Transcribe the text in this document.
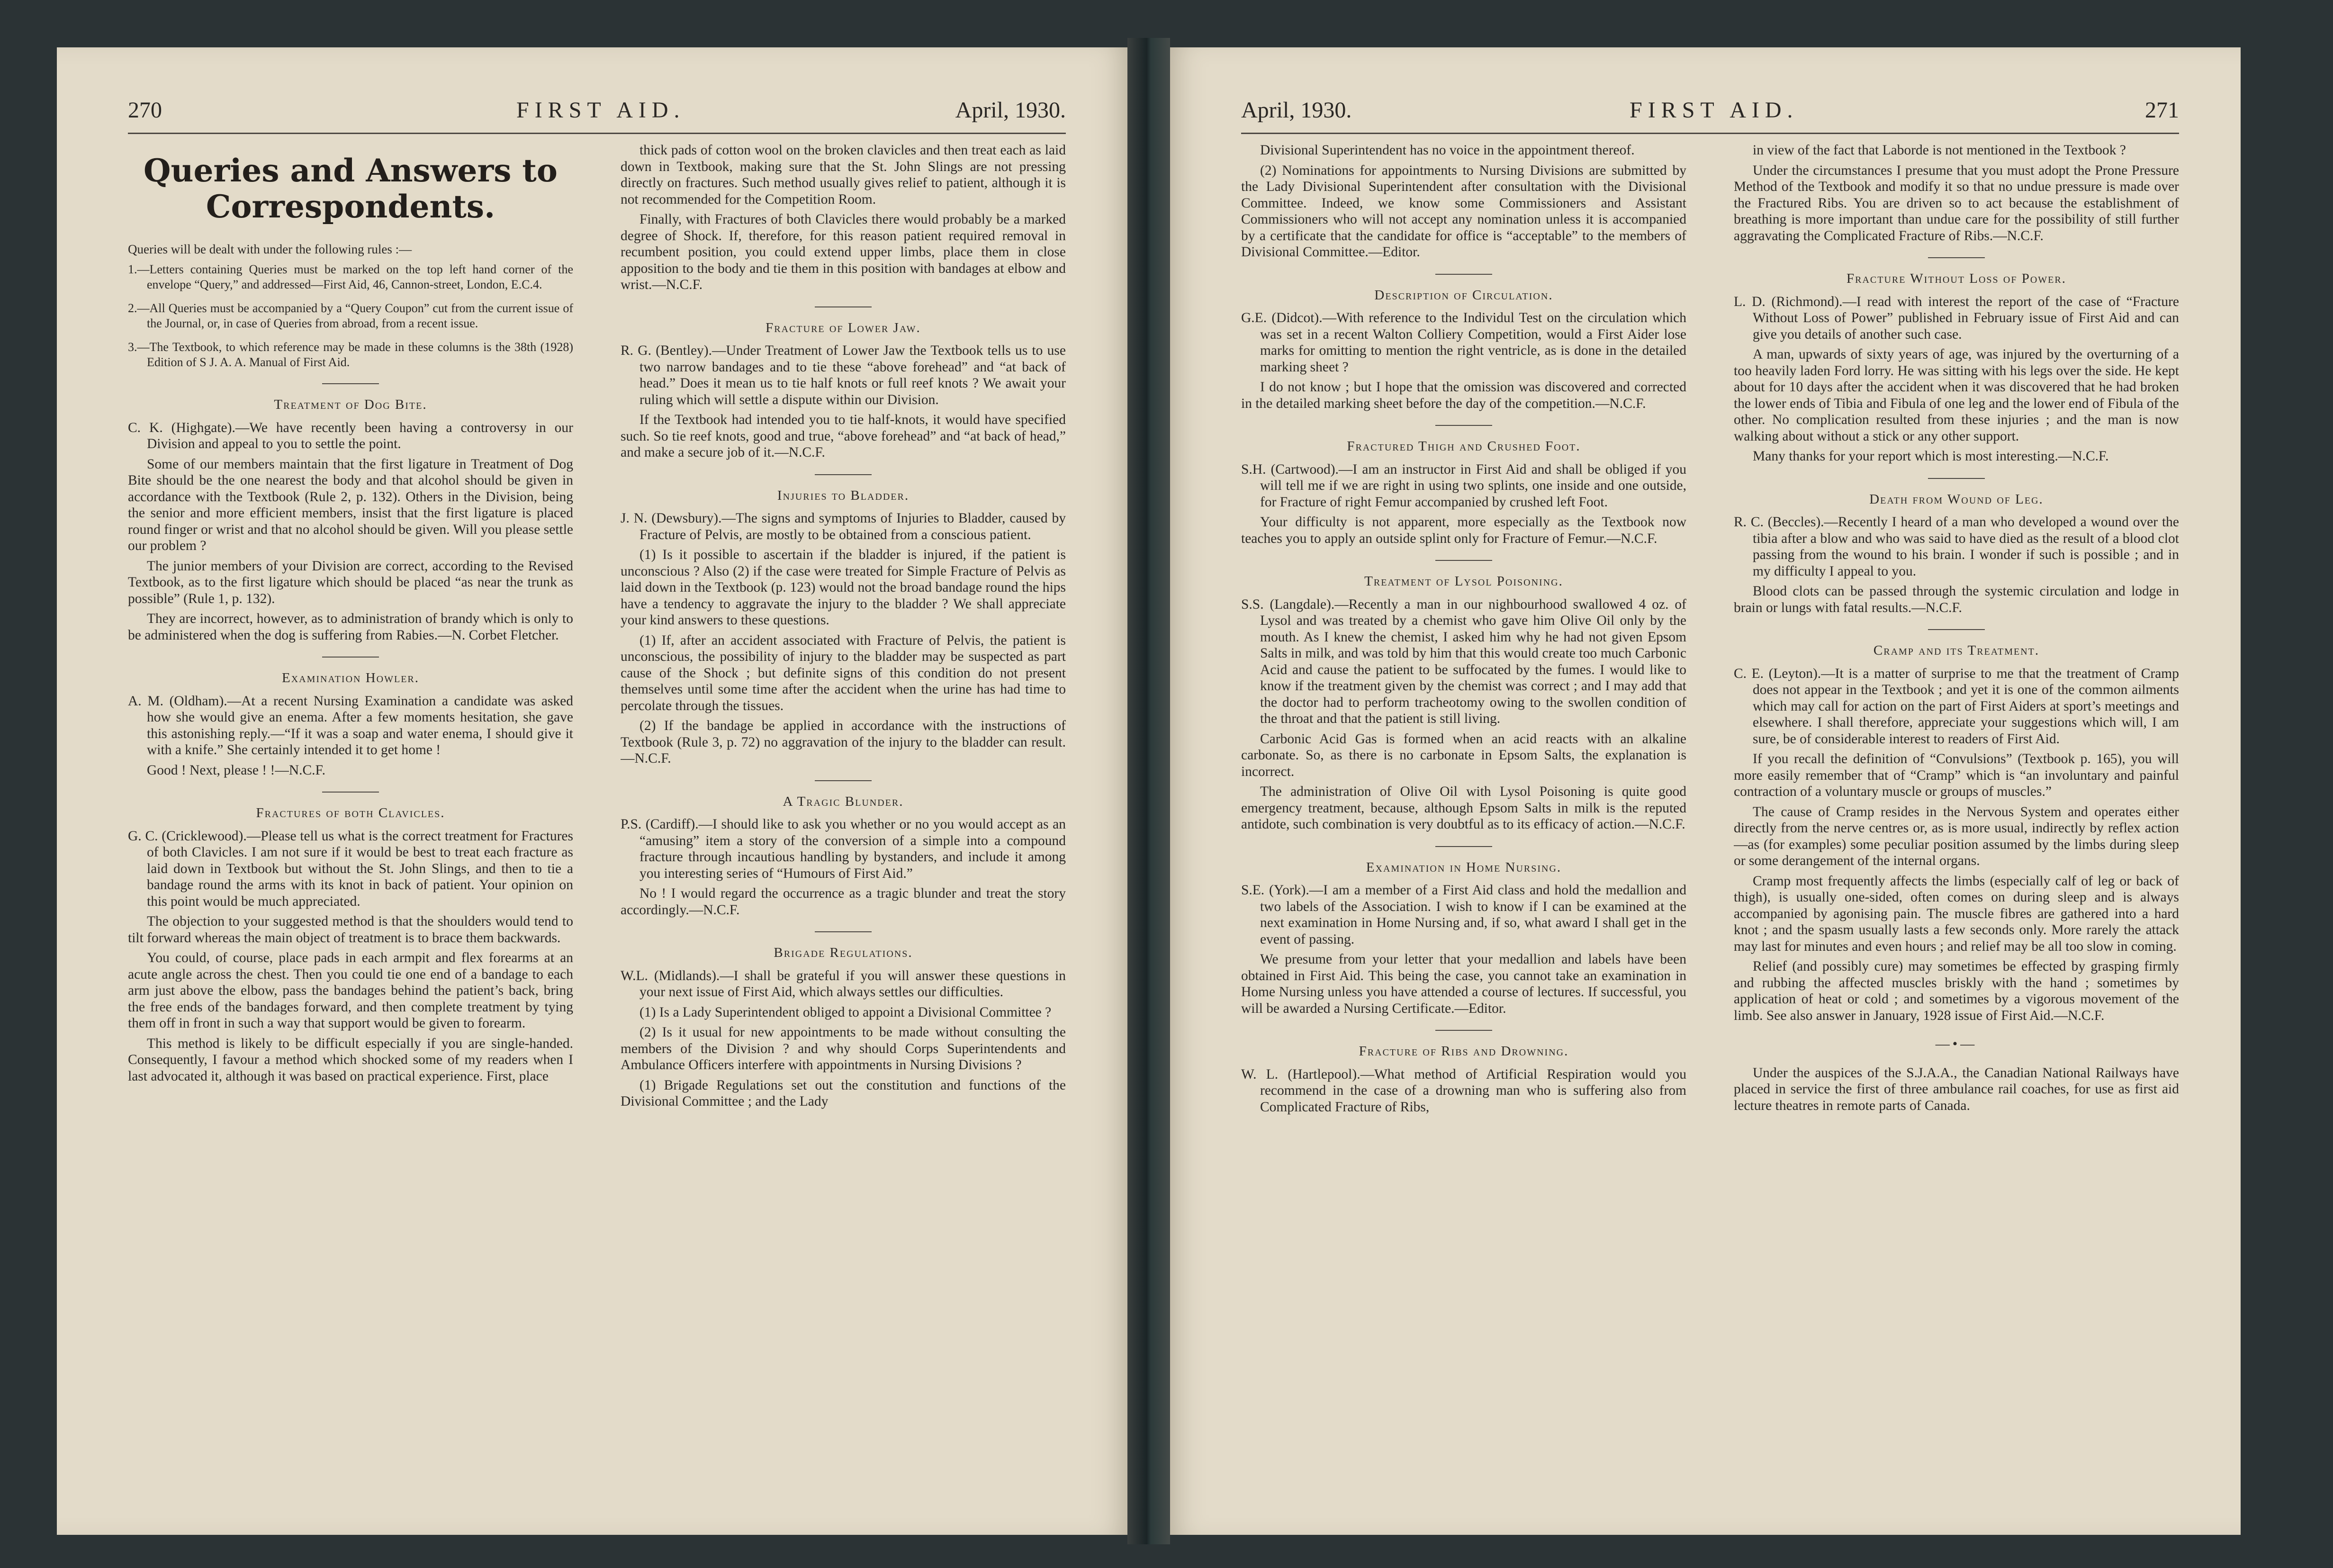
270	FIRST AID.	April, 1930.
Queries and Answers to Correspondents.
Queries will be dealt with under the following rules :—
1.—Letters containing Queries must be marked on the top left hand corner of the envelope “Query,” and addressed—First Aid, 46, Cannon-street, London, E.C.4.
2.—All Queries must be accompanied by a “Query Coupon” cut from the current issue of the Journal, or, in case of Queries from abroad, from a recent issue.
3.—The Textbook, to which reference may be made in these columns is the 38th (1928) Edition of S J. A. A. Manual of First Aid.
Treatment of Dog Bite.

C. K. (Highgate).—We have recently been having a controversy in our Division and appeal to you to settle the point.

Some of our members maintain that the first ligature in Treatment of Dog Bite should be the one nearest the body and that alcohol should be given in accordance with the Textbook (Rule 2, p. 132). Others in the Division, being the senior and more efficient members, insist that the first ligature is placed round finger or wrist and that no alcohol should be given. Will you please settle our problem ?

The junior members of your Division are correct, according to the Revised Textbook, as to the first ligature which should be placed “as near the trunk as possible” (Rule 1, p. 132).

They are incorrect, however, as to administration of brandy which is only to be administered when the dog is suffering from Rabies.—N. Corbet Fletcher.

Examination Howler.

A. M. (Oldham).—At a recent Nursing Examination a candidate was asked how she would give an enema. After a few moments hesitation, she gave this astonishing reply.—“If it was a soap and water enema, I should give it with a knife.” She certainly intended it to get home !

Good ! Next, please ! !—N.C.F.

Fractures of both Clavicles.

G. C. (Cricklewood).—Please tell us what is the correct treatment for Fractures of both Clavicles. I am not sure if it would be best to treat each fracture as laid down in Textbook but without the St. John Slings, and then to tie a bandage round the arms with its knot in back of patient. Your opinion on this point would be much appreciated.

The objection to your suggested method is that the shoulders would tend to tilt forward whereas the main object of treatment is to brace them backwards.

You could, of course, place pads in each armpit and flex forearms at an acute angle across the chest. Then you could tie one end of a bandage to each arm just above the elbow, pass the bandages behind the patient’s back, bring the free ends of the bandages forward, and then complete treatment by tying them off in front in such a way that support would be given to forearm.

This method is likely to be difficult especially if you are single-handed. Consequently, I favour a method which shocked some of my readers when I last advocated it, although it was based on practical experience. First, place

thick pads of cotton wool on the broken clavicles and then treat each as laid down in Textbook, making sure that the St. John Slings are not pressing directly on fractures. Such method usually gives relief to patient, although it is not recommended for the Competition Room.

Finally, with Fractures of both Clavicles there would probably be a marked degree of Shock. If, therefore, for this reason patient required removal in recumbent position, you could extend upper limbs, place them in close apposition to the body and tie them in this position with bandages at elbow and wrist.—N.C.F.

Fracture of Lower Jaw.

R. G. (Bentley).—Under Treatment of Lower Jaw the Textbook tells us to use two narrow bandages and to tie these “above forehead” and “at back of head.” Does it mean us to tie half knots or full reef knots ? We await your ruling which will settle a dispute within our Division.

If the Textbook had intended you to tie half-knots, it would have specified such. So tie reef knots, good and true, “above forehead” and “at back of head,” and make a secure job of it.—N.C.F.

Injuries to Bladder.

J. N. (Dewsbury).—The signs and symptoms of Injuries to Bladder, caused by Fracture of Pelvis, are mostly to be obtained from a conscious patient.

(1) Is it possible to ascertain if the bladder is injured, if the patient is unconscious ? Also (2) if the case were treated for Simple Fracture of Pelvis as laid down in the Textbook (p. 123) would not the broad bandage round the hips have a tendency to aggravate the injury to the bladder ? We shall appreciate your kind answers to these questions.

(1) If, after an accident associated with Fracture of Pelvis, the patient is unconscious, the possibility of injury to the bladder may be suspected as part cause of the Shock ; but definite signs of this condition do not present themselves until some time after the accident when the urine has had time to percolate through the tissues.

(2) If the bandage be applied in accordance with the instructions of Textbook (Rule 3, p. 72) no aggravation of the injury to the bladder can result.—N.C.F.

A Tragic Blunder.

P.S. (Cardiff).—I should like to ask you whether or no you would accept as an “amusing” item a story of the conversion of a simple into a compound fracture through incautious handling by bystanders, and include it among you interesting series of “Humours of First Aid.”

No ! I would regard the occurrence as a tragic blunder and treat the story accordingly.—N.C.F.

Brigade Regulations.

W.L. (Midlands).—I shall be grateful if you will answer these questions in your next issue of First Aid, which always settles our difficulties.

(1) Is a Lady Superintendent obliged to appoint a Divisional Committee ?

(2) Is it usual for new appointments to be made without consulting the members of the Division ? and why should Corps Superintendents and Ambulance Officers interfere with appointments in Nursing Divisions ?

(1) Brigade Regulations set out the constitution and functions of the Divisional Committee ; and the Lady

April, 1930.	FIRST AID.	271

Divisional Superintendent has no voice in the appointment thereof.

(2) Nominations for appointments to Nursing Divisions are submitted by the Lady Divisional Superintendent after consultation with the Divisional Committee. Indeed, we know some Commissioners and Assistant Commissioners who will not accept any nomination unless it is accompanied by a certificate that the candidate for office is “acceptable” to the members of Divisional Committee.—Editor.

Description of Circulation.

G.E. (Didcot).—With reference to the Individul Test on the circulation which was set in a recent Walton Colliery Competition, would a First Aider lose marks for omitting to mention the right ventricle, as is done in the detailed marking sheet ?

I do not know ; but I hope that the omission was discovered and corrected in the detailed marking sheet before the day of the competition.—N.C.F.

Fractured Thigh and Crushed Foot.

S.H. (Cartwood).—I am an instructor in First Aid and shall be obliged if you will tell me if we are right in using two splints, one inside and one outside, for Fracture of right Femur accompanied by crushed left Foot.

Your difficulty is not apparent, more especially as the Textbook now teaches you to apply an outside splint only for Fracture of Femur.—N.C.F.

Treatment of Lysol Poisoning.

S.S. (Langdale).—Recently a man in our nighbourhood swallowed 4 oz. of Lysol and was treated by a chemist who gave him Olive Oil only by the mouth. As I knew the chemist, I asked him why he had not given Epsom Salts in milk, and was told by him that this would create too much Carbonic Acid and cause the patient to be suffocated by the fumes. I would like to know if the treatment given by the chemist was correct ; and I may add that the doctor had to perform tracheotomy owing to the swollen condition of the throat and that the patient is still living.

Carbonic Acid Gas is formed when an acid reacts with an alkaline carbonate. So, as there is no carbonate in Epsom Salts, the explanation is incorrect.

The administration of Olive Oil with Lysol Poisoning is quite good emergency treatment, because, although Epsom Salts in milk is the reputed antidote, such combination is very doubtful as to its efficacy of action.—N.C.F.

Examination in Home Nursing.

S.E. (York).—I am a member of a First Aid class and hold the medallion and two labels of the Association. I wish to know if I can be examined at the next examination in Home Nursing and, if so, what award I shall get in the event of passing.

We presume from your letter that your medallion and labels have been obtained in First Aid. This being the case, you cannot take an examination in Home Nursing unless you have attended a course of lectures. If successful, you will be awarded a Nursing Certificate.—Editor.

Fracture of Ribs and Drowning.

W. L. (Hartlepool).—What method of Artificial Respiration would you recommend in the case of a drowning man who is suffering also from Complicated Fracture of Ribs,

in view of the fact that Laborde is not mentioned in the Textbook ?

Under the circumstances I presume that you must adopt the Prone Pressure Method of the Textbook and modify it so that no undue pressure is made over the Fractured Ribs. You are driven so to act because the establishment of breathing is more important than undue care for the possibility of still further aggravating the Complicated Fracture of Ribs.—N.C.F.

Fracture Without Loss of Power.

L. D. (Richmond).—I read with interest the report of the case of “Fracture Without Loss of Power” published in February issue of First Aid and can give you details of another such case.

A man, upwards of sixty years of age, was injured by the overturning of a too heavily laden Ford lorry. He was sitting with his legs over the side. He kept about for 10 days after the accident when it was discovered that he had broken the lower ends of Tibia and Fibula of one leg and the lower end of Fibula of the other. No complication resulted from these injuries ; and the man is now walking about without a stick or any other support.

Many thanks for your report which is most interesting.—N.C.F.

Death from Wound of Leg.

R. C. (Beccles).—Recently I heard of a man who developed a wound over the tibia after a blow and who was said to have died as the result of a blood clot passing from the wound to his brain. I wonder if such is possible ; and in my difficulty I appeal to you.

Blood clots can be passed through the systemic circulation and lodge in brain or lungs with fatal results.—N.C.F.

Cramp and its Treatment.

C. E. (Leyton).—It is a matter of surprise to me that the treatment of Cramp does not appear in the Textbook ; and yet it is one of the common ailments which may call for action on the part of First Aiders at sport’s meetings and elsewhere. I shall therefore, appreciate your suggestions which will, I am sure, be of considerable interest to readers of First Aid.

If you recall the definition of “Convulsions” (Textbook p. 165), you will more easily remember that of “Cramp” which is “an involuntary and painful contraction of a voluntary muscle or groups of muscles.”

The cause of Cramp resides in the Nervous System and operates either directly from the nerve centres or, as is more usual, indirectly by reflex action—as (for examples) some peculiar position assumed by the limbs during sleep or some derangement of the internal organs.

Cramp most frequently affects the limbs (especially calf of leg or back of thigh), is usually one-sided, often comes on during sleep and is always accompanied by agonising pain. The muscle fibres are gathered into a hard knot ; and the spasm usually lasts a few seconds only. More rarely the attack may last for minutes and even hours ; and relief may be all too slow in coming.

Relief (and possibly cure) may sometimes be effected by grasping firmly and rubbing the affected muscles briskly with the hand ; sometimes by application of heat or cold ; and sometimes by a vigorous movement of the limb. See also answer in January, 1928 issue of First Aid.—N.C.F.

—•—

Under the auspices of the S.J.A.A., the Canadian National Railways have placed in service the first of three ambulance rail coaches, for use as first aid lecture theatres in remote parts of Canada.
